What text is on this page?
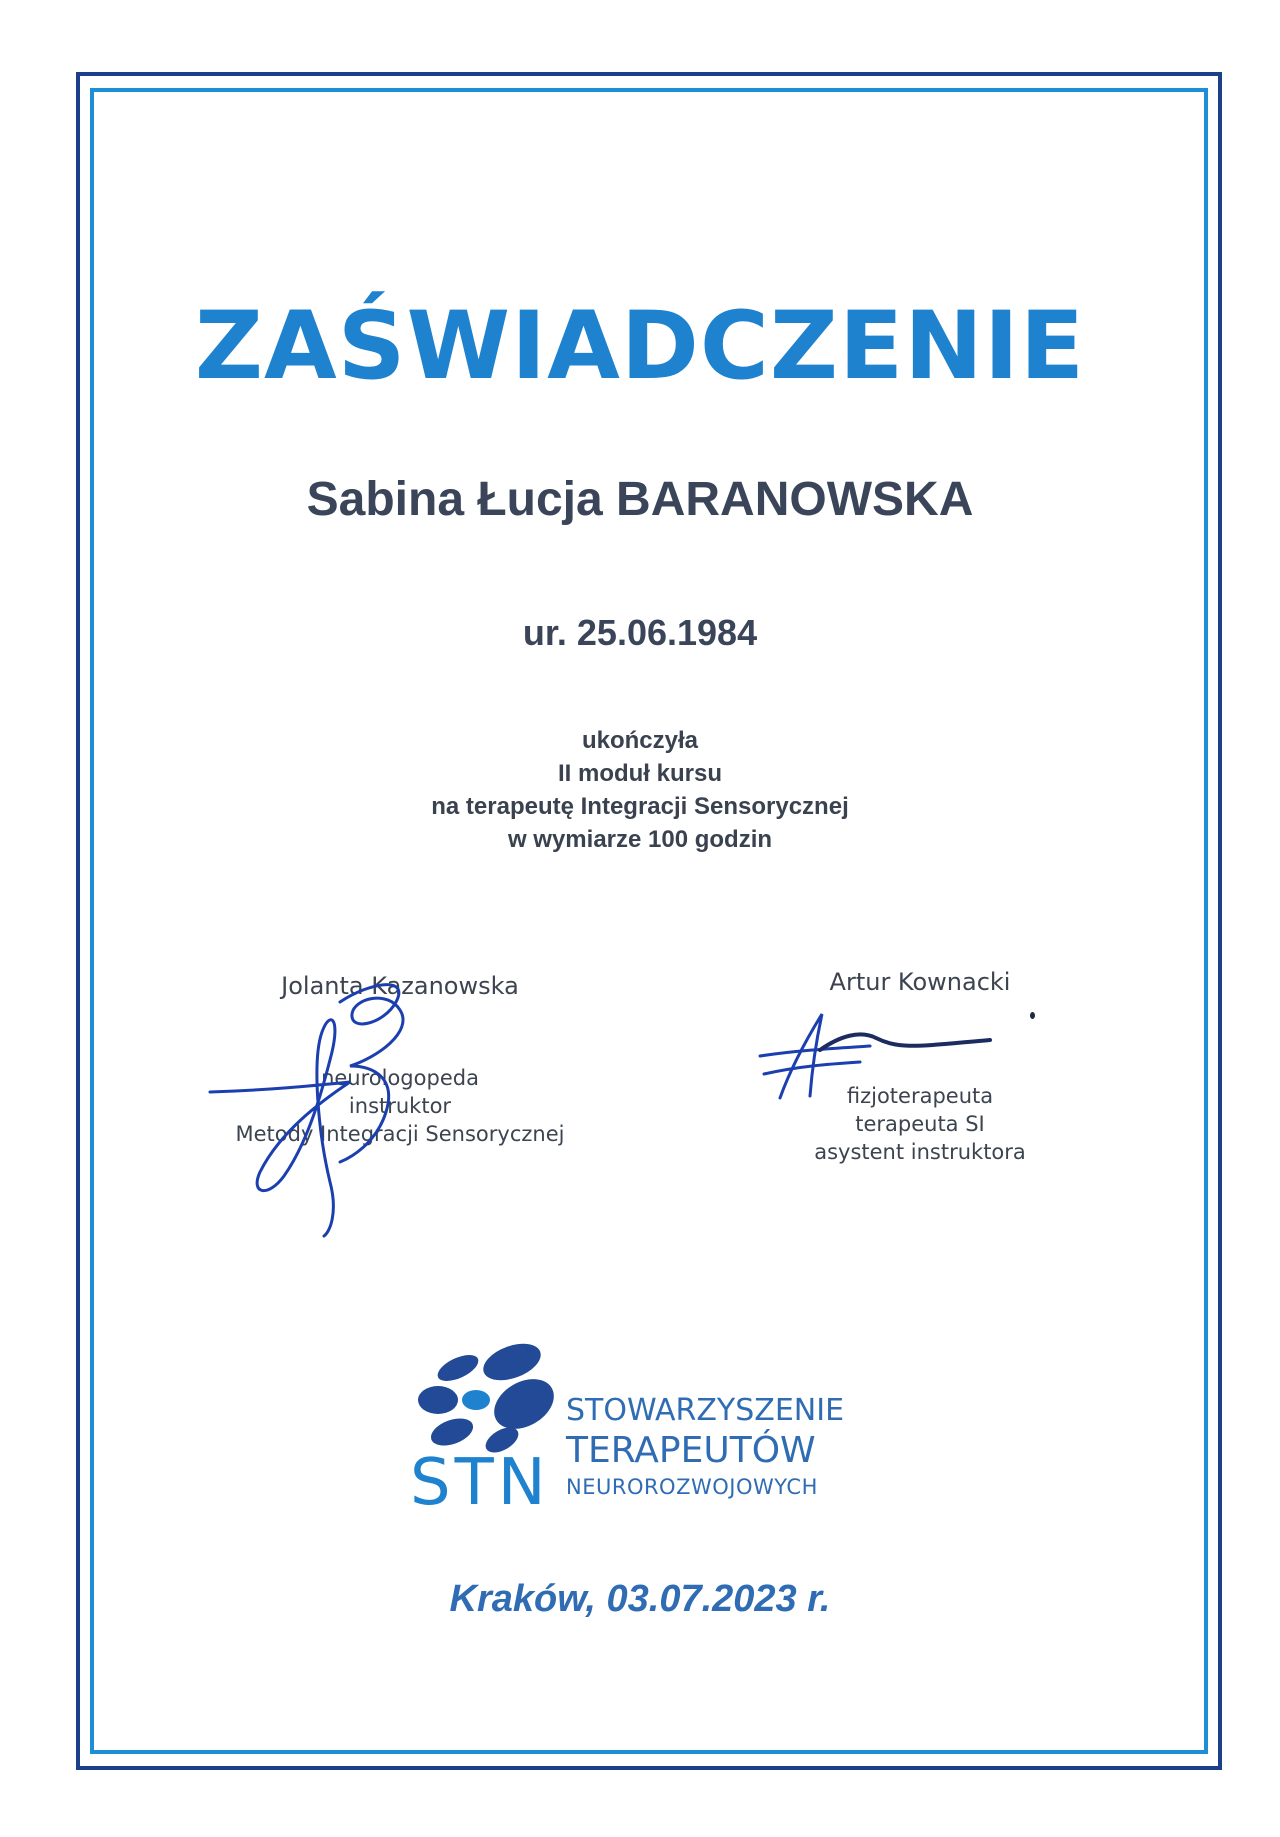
ZAŚWIADCZENIE
Sabina Łucja BARANOWSKA
ur. 25.06.1984
ukończyła
II moduł kursu
na terapeutę Integracji Sensorycznej
w wymiarze 100 godzin
Jolanta Kazanowska
neurologopeda
instruktor
Metody Integracji Sensorycznej
Artur Kownacki
fizjoterapeuta
terapeuta SI
asystent instruktora
STN
STOWARZYSZENIE
TERAPEUTÓW
NEUROROZWOJOWYCH
Kraków, 03.07.2023 r.
